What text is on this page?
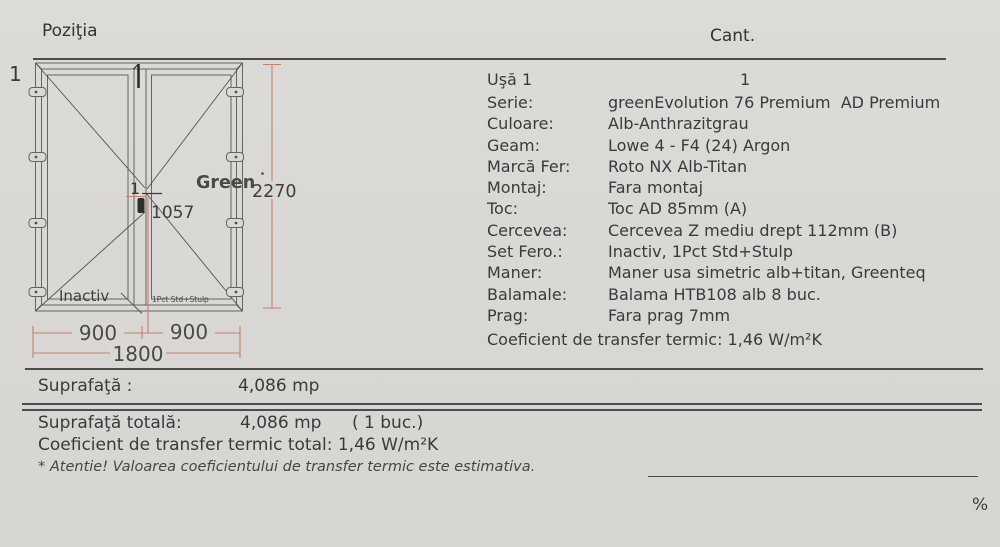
Poziţia	Cant.
1
Green
2270
1
1057
Inactiv	1Pct Std+Stulp
900	900
1800
Uşă 1	1
Serie:	greenEvolution 76 Premium  AD Premium
Culoare:	Alb-Anthrazitgrau
Geam:	Lowe 4 - F4 (24) Argon
Marcă Fer: Roto NX Alb-Titan
Montaj:	Fara montaj
Toc:	Toc AD 85mm (A)
Cercevea:	Cercevea Z mediu drept 112mm (B)
Set Fero.:	Inactiv, 1Pct Std+Stulp
Maner:	Maner usa simetric alb+titan, Greenteq
Balamale:	Balama HTB108 alb 8 buc.
Prag:	Fara prag 7mm
Coeficient de transfer termic: 1,46 W/m²K
Suprafaţă :	4,086 mp
Suprafaţă totală:	4,086 mp ( 1 buc.)
Coeficient de transfer termic total: 1,46 W/m²K
* Atentie! Valoarea coeficientului de transfer termic este estimativa.
%
